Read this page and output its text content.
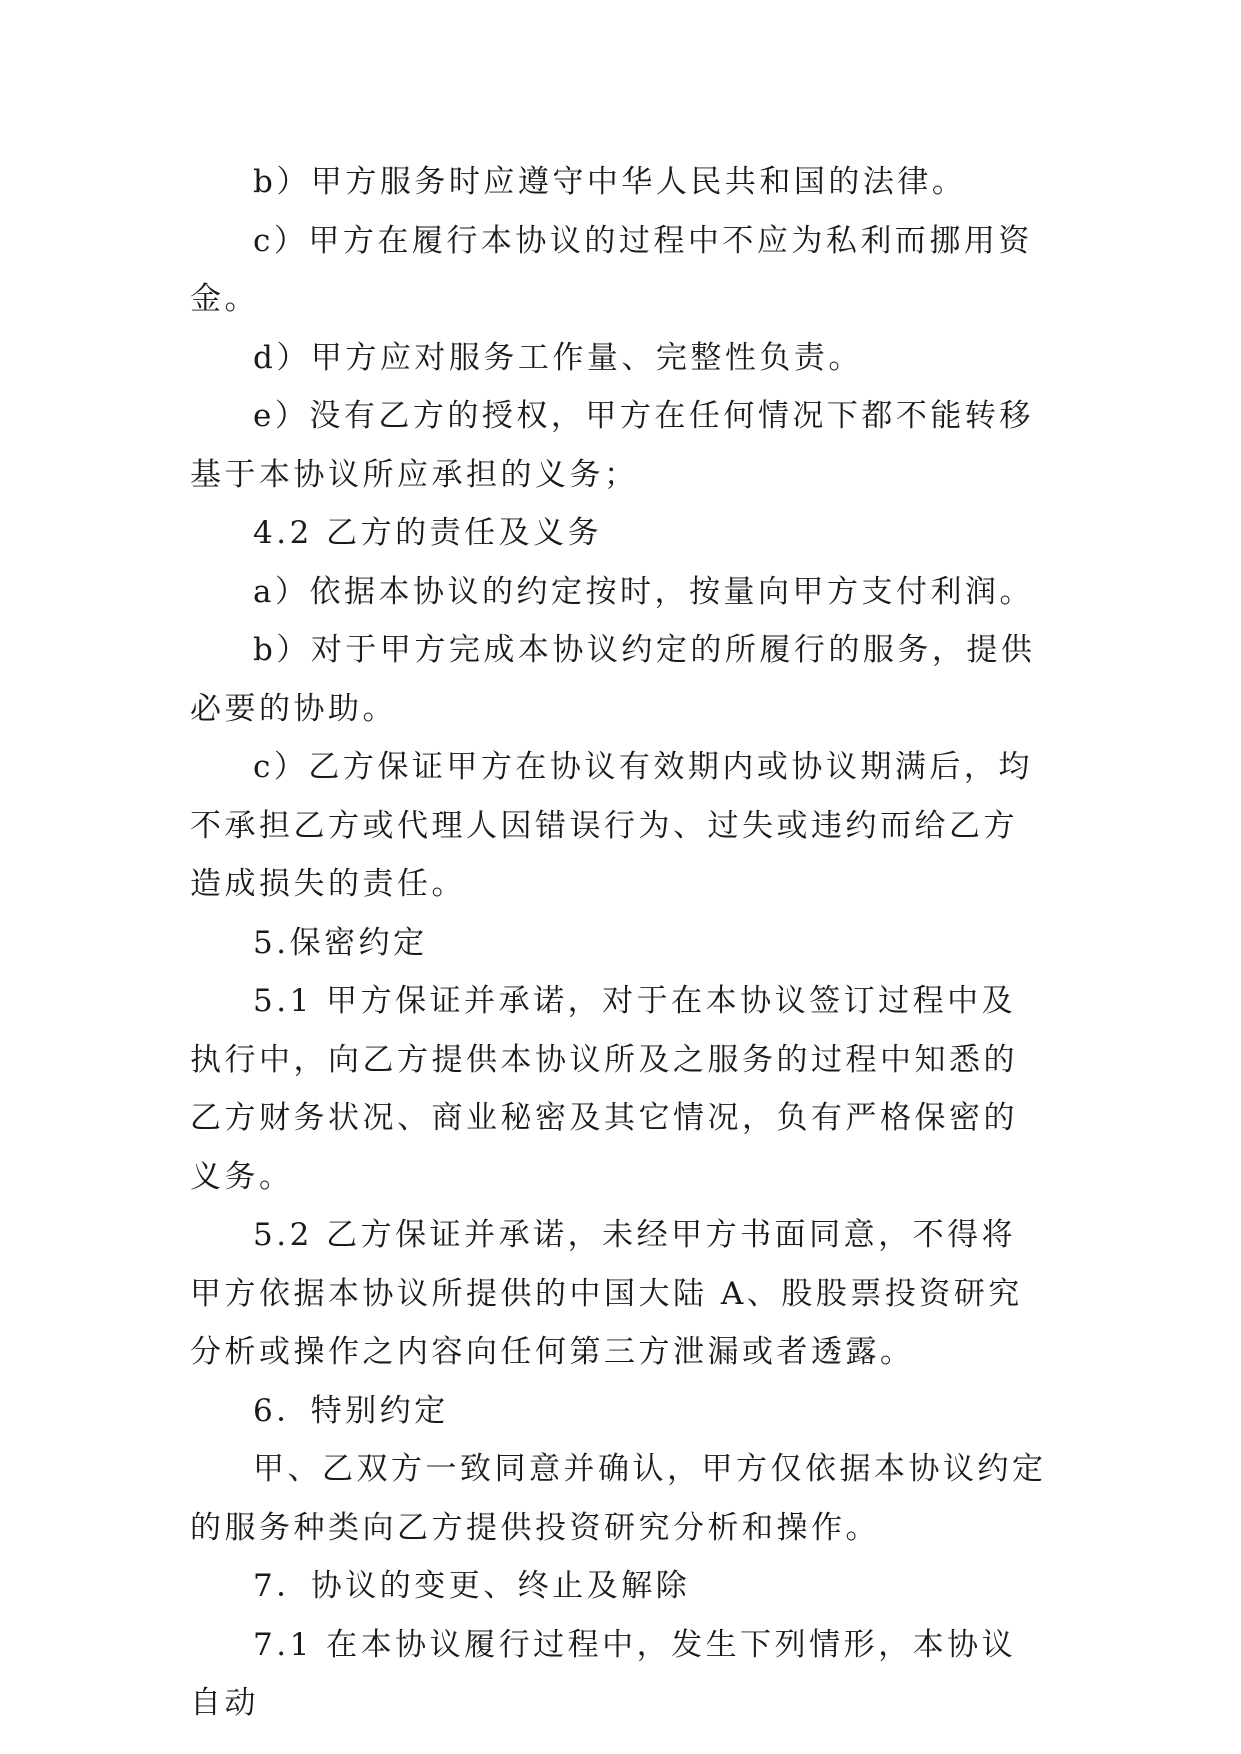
b）甲方服务时应遵守中华人民共和国的法律。

c）甲方在履行本协议的过程中不应为私利而挪用资金。

d）甲方应对服务工作量、完整性负责。

e）没有乙方的授权，甲方在任何情况下都不能转移基于本协议所应承担的义务；

4.2 乙方的责任及义务

a）依据本协议的约定按时，按量向甲方支付利润。

b）对于甲方完成本协议约定的所履行的服务，提供必要的协助。

c）乙方保证甲方在协议有效期内或协议期满后，均不承担乙方或代理人因错误行为、过失或违约而给乙方造成损失的责任。

5.保密约定

5.1 甲方保证并承诺，对于在本协议签订过程中及执行中，向乙方提供本协议所及之服务的过程中知悉的乙方财务状况、商业秘密及其它情况，负有严格保密的义务。

5.2 乙方保证并承诺，未经甲方书面同意，不得将甲方依据本协议所提供的中国大陆 A、股股票投资研究分析或操作之内容向任何第三方泄漏或者透露。

6．特别约定

甲、乙双方一致同意并确认，甲方仅依据本协议约定的服务种类向乙方提供投资研究分析和操作。

7．协议的变更、终止及解除

7.1 在本协议履行过程中，发生下列情形，本协议自动
